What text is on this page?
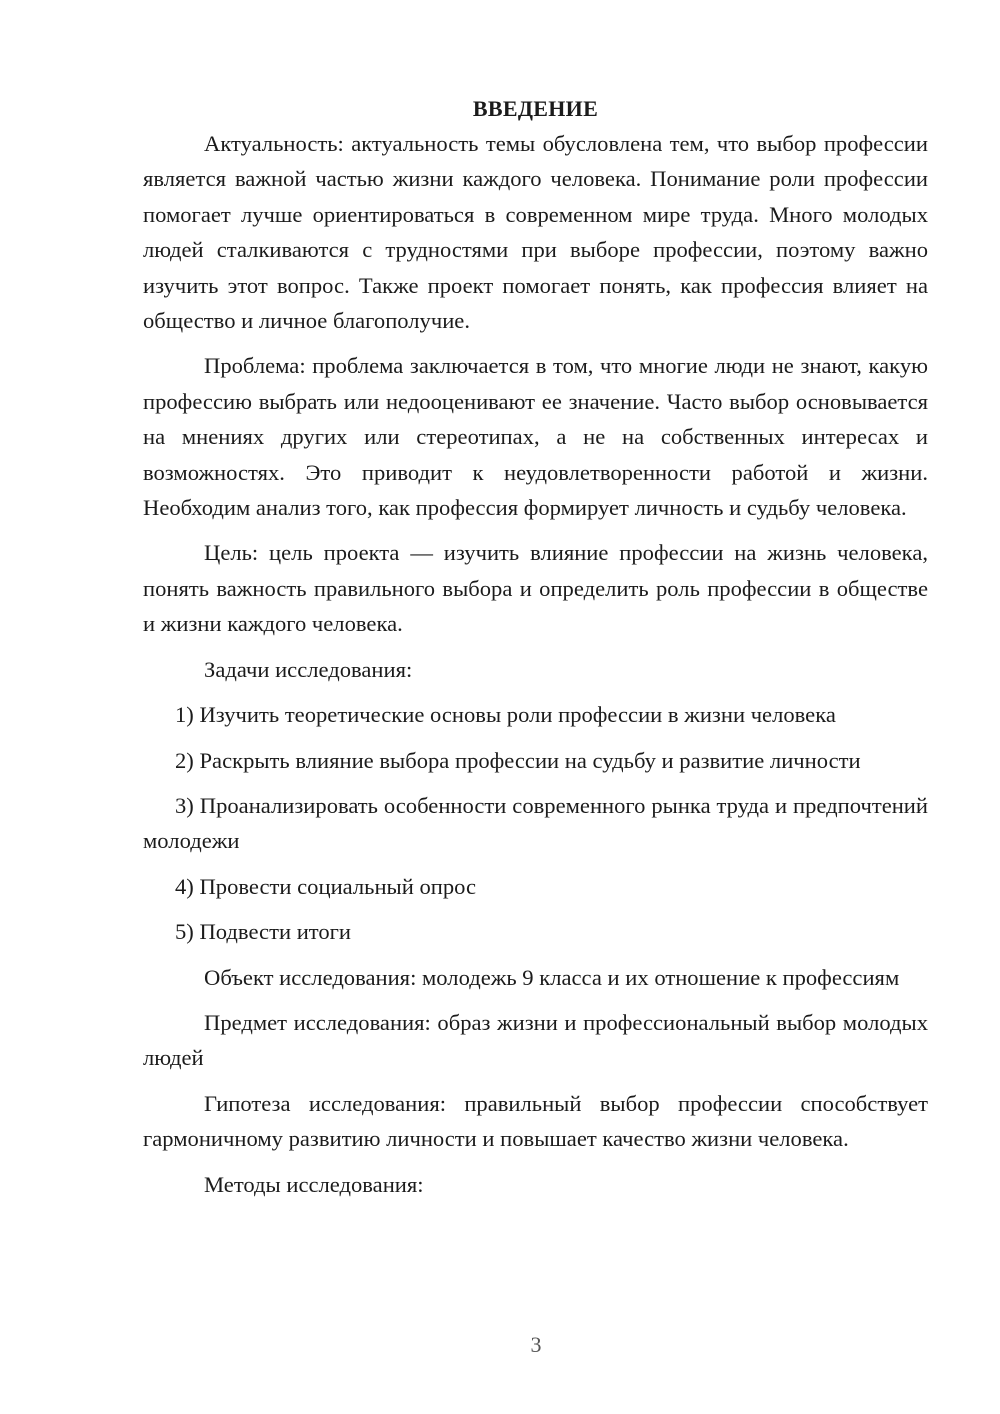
ВВЕДЕНИЕ

Актуальность: актуальность темы обусловлена тем, что выбор профессии является важной частью жизни каждого человека. Понимание роли профессии помогает лучше ориентироваться в современном мире труда. Много молодых людей сталкиваются с трудностями при выборе профессии, поэтому важно изучить этот вопрос. Также проект помогает понять, как профессия влияет на общество и личное благополучие.

Проблема: проблема заключается в том, что многие люди не знают, какую профессию выбрать или недооценивают ее значение. Часто выбор основывается на мнениях других или стереотипах, а не на собственных интересах и возможностях. Это приводит к неудовлетворенности работой и жизни. Необходим анализ того, как профессия формирует личность и судьбу человека.

Цель: цель проекта — изучить влияние профессии на жизнь человека, понять важность правильного выбора и определить роль профессии в обществе и жизни каждого человека.

Задачи исследования:

1) Изучить теоретические основы роли профессии в жизни человека

2) Раскрыть влияние выбора профессии на судьбу и развитие личности

3) Проанализировать особенности современного рынка труда и предпочтений молодежи

4) Провести социальный опрос

5) Подвести итоги

Объект исследования: молодежь 9 класса и их отношение к профессиям

Предмет исследования: образ жизни и профессиональный выбор молодых людей

Гипотеза исследования: правильный выбор профессии способствует гармоничному развитию личности и повышает качество жизни человека.

Методы исследования:

3
